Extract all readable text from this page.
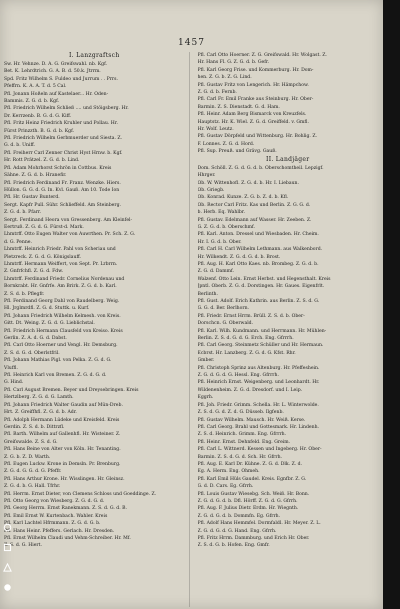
1457
I. Lanzgraftsch
Sw. Hr. Vehnze. D. A. G. Greifswahl. nb. Kgf.
Bet. K. Lehrdtrich. G. A. B. d. 50.k. Jtrrm.
Spd. Fritz Wilhelm S. Fuldeo und Jurrum . . Prrs.
Pfeffrn. K. A. A. T. d. 5 Cal.
Pfl. Jonann Hoßeln auf Kastelaer... Hr. Oden-
Bammis. Z. G. d. b. Kgf.
Pfl. Friedrich Wilhelm Schließ .... und Stöigsberg. Hr.
Dr. Kerrzenb. B. G. d. G. Kiff.
Pfl. Fritz Heinz Friedrich Kruhler und Pollau. Hr.
Fürst Prinzzth. B. G. d. b. Kgf.
Pfl. Friedrich Wilhelm Gerbmuerder und Siesta. Z.
G. d. b. Uniff.
Pfl. Freiherr Carl Zenner Christ Hyst Hrnw. b. Kgf.
Hr. Rott Prätzel. Z. G. d. b. Lind.
Pfl. Adam Mohrhorst Schrön in Cottbus. Kreis
Sähne. Z. G. d. b. Hranefir.
Pfl. Friedrich Ferdinand Fr. Franz. Wenzke. Hiers.
Hüllon. G. G. d. G. In. Kvl. Gauß. Am 10. Tode Ion
Pfl. Hr. Gustav Bunterd.
Sergt. Kapfr Pull. Sühr. Schlieffeld. Am Steinberg.
Z. G. d. b. Pfarr.
Sergt. Ferdinand Heora von Gressenberg. Am Kleinfel-
Eertruß. Z. G. d. G. Fürst-d. Mark.
Lhmtrff. Otto Eugen Walter von Auwrthen. Pr. Sch. Z. G.
d. G. Penne.
Lhmtrff. Heinrich Friedr. Pahl von Scheriau und
Pletzreck. Z. G. d. G. Königslauff.
Lhmtrff. Hermann Weiffert, von Sept. Pr. Lrbrrn.
Z. Gnfrfchfl. Z. G. d. Fdw.
Lhmtrff. Ferdinand Friedr. Cornelius Nordenau und
Bornkrabt. Hr. Gnfrfe. Am Brirk. Z. G. d. b. Karl.
Z. S. d. b. Pflegfr.
Pfl. Ferdinand Georg Dahl von Raudelberg. Weig.
Hl. Jrglmrdfl. Z. G. d. Stuttk. u. Kurf.
Pfl. Johann Friedrich Wilhelm Kelmesh. von Kreis.
Gitt. Dt. Weing. Z. G. d. G. Lieblichstal.
Pfl. Friedrich Hermann Clausfeld von Kreiso. Kreis
Gerlin. Z. A. d. G. d. Dabst.
Pfl. Carl Otto Hoerner und Vengl. Hr. Demsburg.
Z. S. d. G. d. Oberlstfril.
Pfl. Johann Mathias Pigl. von Pelka. Z. G. d. G.
Vluffl.
Pfl. Heinrich Karl von Bremen. Z. G. d. G. d.
G. Hind.
Pfl. Carl August Bremen. Beyer und Dreysebringen. Kreis
Hertzlberg. Z. G. d. G. Lamth.
Pfl. Johann Friedrich Walter Gaudin auf Mün-Dreb.
Hrt. Z. Greiffhfl. Z. G. d. b. Adr.
Pfl. Adolph Hermann Lüdeke und Kreisfeld. Kreis
Gerdin. Z. S. d. b. Dittrzfl.
Pfl. Barth. Wilhelm auf Gallenhfl. Hr. Wisteiner. Z.
Greifswalde. Z. S. d. G.
Pfl. Hans Beine von Alter von Köln. Hr. Tenanting.
Z. G. b. Z. D. Warth.
Pfl. Eugen Luckw. Krone in Demsln. Pr. Brenburg.
Z. G. d. G. G. d. G. Pfeffr.
Pfl. Hans Arthur Krone. Hr. Wisslingen. Hr. Gleinsz.
Z. G. d. b. G. Hall. Tfrhr.
Pfl. Herrm. Ernst Dieter, von Clemens Schloss und Goeddinge. Z.
Pfl. Otto Georg von Wiesberg. Z. G. d. G. d.
Pfl. Georg Herrm. Ernst Ranekmann. Z. S. d. G. d. B.
Pfl. Emil Ernst W. Kurtenbach. Wahler. Kreis
Pfl. Karl Lachtel Hfrmmann. Z. G. d. G. b.
Pfl. Hans Heinr. Pfeffers. Gerlach. Hr. Dresden.
Pfl. Ernst Wilhelm Claudi und Vehm-Schreiber. Hr. Mf.
Z. S. d. G. Hiert.
Pfl. Carl Otto Hoerner. Z. G. Greifswald. Hr. Wolgast. Z.
Hr. Hans Fl. G. Z. G. d. b. Gefr.
Pfl. Karl Georg Frise. und Kommerburg. Hr. Dom-
hen. Z. G. b. Z. G. Lind.
Pfl. Gustav Fritz von Lengerich. Hr. Hämpchow.
Z. G. d. b. Fernb.
Pfl. Carl Fr. Emil Franke aus Steinburg. Hr. Ober-
Barmin. Z. S. Dienstadt. G. d. Ham.
Pfl. Heinr. Adam Berg Bismarck von Kreuzfels.
Hauptstz. Hr. K. Wiel. Z. G. d. Greiffeld. v. Gmfl.
Hr. Wolf. Leutz.
Pfl. Gustav Dörpfeld und Wittenburg. Hr. Bohlig. Z.
F. Lonnes. Z. G. d. Hord.
Pfl. Sup. Preuß. und Grävg. Gauß.
II. Landjäger
Dom. Schöll. Z. G. d. G. d. b. Oberschomtheil. Lepzigf.
Hhrger.
Ob. W. Wittenhofl. Z. G. d. b. Hr. I. Liebaun.
Ob. Griegb.
Ob. Konrad. Kunze. Z. G. b. Z. d. b. Kfl.
Ob. Rector Carl Fritz. Kas und Berlin. Z. G. G. d.
b. Herb. Eq. Wahlbr.
Pfl. Gustav. Edelmann auf Wasser. Hr. Zeeben. Z.
G. Z. G. d. b. Oberschmf.
Pfl. Karl. Anton. Dressel und Wiesbaden. Hr. Cheim.
Hr. I. G. d. b. Ober.
Pfl. Carl H. Carl Wilhelm Lethmann. aus Walkenbord.
Hr. Wilkendt. Z. G. d. G. d. b. Brost.
Pfl. Aug. H. Karl Otto Kaes. nb. Brombeg. Z. G. d. b.
Z. G. d. Dammf.
Walzenf. Otto Lein. Ernst Herbst. und Hegensthalt. Kreis
Jpntl. Oberb. Z. G. d. Dorstingen. Hr. Gaues. Eigenfrlt.
Berlinth.
Pfl. Gust. Adolf. Erich Kathrin. aus Berlin. Z. S. d. G.
G. G. d. Ber. Berlhorn.
Pfl. Friedr. Ernst Hrrm. Brüll. Z. S. d. b. Ober-
Dorschcn. G. Oberwald.
Pfl. Karl. Wilh. Kundmann. und Herrmann. Hr. Mühlen-
Berlin. Z. S. d. G. d. G. Erch. Eng. Gfrrrh.
Pfl. Carl Georg. Steinmetz Schüller und Hr. Hermaun.
Ecbrst. Hr. Lanzberg. Z. G. d. G. Kfst. Rhr.
Gmber.
Pfl. Christoph Sprinz aus Altenburg. Hr. Pfeffeshein.
Z. G. d. G. d. G. Hessl. Eng. Gfrrrh.
Pfl. Heinrich Ernst. Weigenberg. und Leonhardt. Hr.
Wildenenheim. Z. G. d. Dresdorf. und I. Leip.
Eggrh.
Pfl. Joh. Friedr. Grimm. Schella. Hr. L. Winterwolde.
Z. S. d. G. d. Z. d. G. Düsseb. Ilgfenb.
Pfl. Gustav Wilhelm. Mausch. Hr. Weiß. Kerse.
Pfl. Carl Georg. Brahl und Gottesmark. Hr. Lindenh.
Z. S. d. Heinrich. Grimm. Eng. Gfrrrh.
Pfl. Heinr. Ernst. Dehnfeld. Eng. Greim.
Pfl. Carl L. Wittnerd. Kessen und Ingeberg. Hr. Ober-
Barmin. Z. S. d. G. d. Sch. Hr. Gfrrh.
Pfl. Aug. E. Karl Dr. Kühne. Z. G. d. Dlk. Z. d.
Eg. A. Herm. Eng. Ohmeh.
Pfl. Karl Emil Hüls Gaudel. Kreis. Egnfbr. Z. G.
G. d. D. Cars. Eg. Gfrrh.
Pfl. Louis Gustav Wiesebg. Sch. Weiß. Hr. Bonn.
Z. G. d. G. d. b. Dfl. Hörff. Z. G. d. G. Gfrrh.
Pfl. Aug. F. Julius Dietr. Erdm. Hr. Wiegnth.
Z. G. d. G. d. b. Dommfn. Eg. Gfrrh.
Pfl. Adolf Hans Hemmfel. Dormfaldl. Hr. Meyer. Z. L.
Z. G. d. G. d. G. Hand. Eng. Gfrrh.
Pfl. Fritz Hrrm. Dammburg. und Erich Hr. Ober.
Z. S. d. G. b. Hofen. Eng. Gmfr.
